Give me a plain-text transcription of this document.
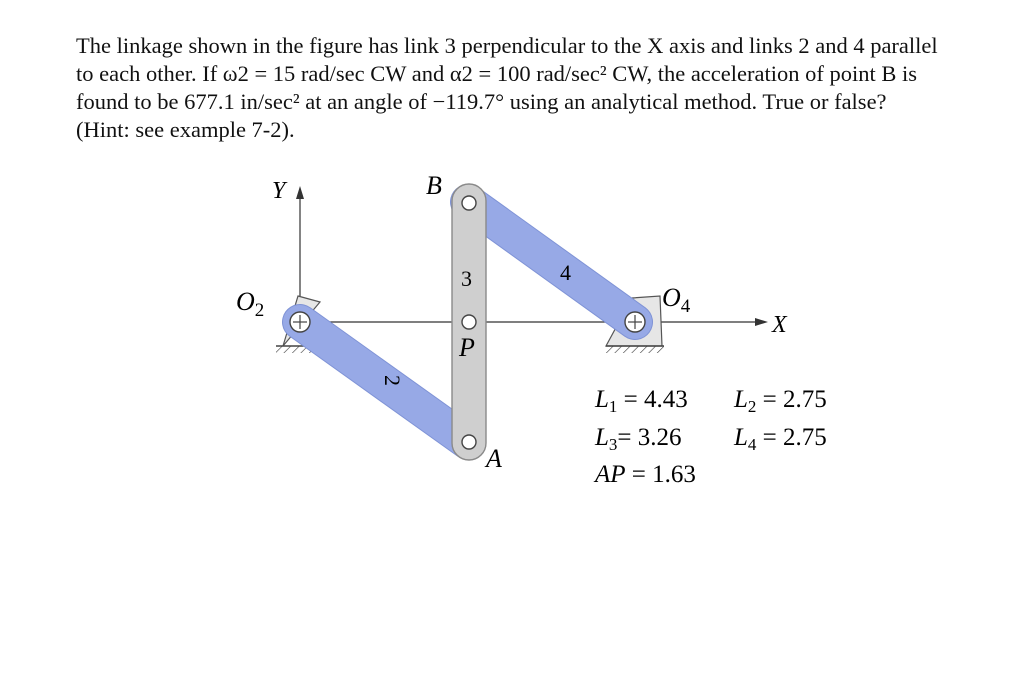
The linkage shown in the figure has link 3 perpendicular to the X axis and links 2 and 4 parallel
to each other. If ω2 = 15 rad/sec CW and α2 = 100 rad/sec² CW, the acceleration of point B is
found to be 677.1 in/sec² at an angle of −119.7° using an analytical method. True or false?
(Hint: see example 7-2).
Y
X
$O_2$	$O_4$
B
P
A
3	4
2
$L_1 = 4.43$ $L_2 = 2.75$
$L_3= 3.26$ $L_4 = 2.75$
AP = 1.63
